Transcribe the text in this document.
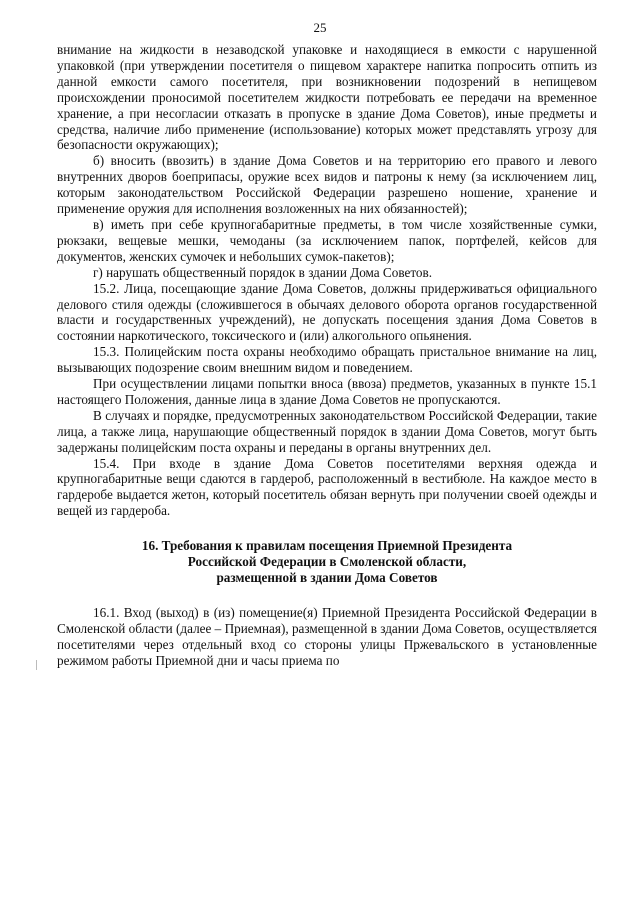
25

внимание на жидкости в незаводской упаковке и находящиеся в емкости с нарушенной упаковкой (при утверждении посетителя о пищевом характере напитка попросить отпить из данной емкости самого посетителя, при возникновении подозрений в непищевом происхождении проносимой посетителем жидкости потребовать ее передачи на временное хранение, а при несогласии отказать в пропуске в здание Дома Советов), иные предметы и средства, наличие либо применение (использование) которых может представлять угрозу для безопасности окружающих);

б) вносить (ввозить) в здание Дома Советов и на территорию его правого и левого внутренних дворов боеприпасы, оружие всех видов и патроны к нему (за исключением лиц, которым законодательством Российской Федерации разрешено ношение, хранение и применение оружия для исполнения возложенных на них обязанностей);

в) иметь при себе крупногабаритные предметы, в том числе хозяйственные сумки, рюкзаки, вещевые мешки, чемоданы (за исключением папок, портфелей, кейсов для документов, женских сумочек и небольших сумок-пакетов);

г) нарушать общественный порядок в здании Дома Советов.

15.2. Лица, посещающие здание Дома Советов, должны придерживаться официального делового стиля одежды (сложившегося в обычаях делового оборота органов государственной власти и государственных учреждений), не допускать посещения здания Дома Советов в состоянии наркотического, токсического и (или) алкогольного опьянения.

15.3. Полицейским поста охраны необходимо обращать пристальное внимание на лиц, вызывающих подозрение своим внешним видом и поведением.

При осуществлении лицами попытки вноса (ввоза) предметов, указанных в пункте 15.1 настоящего Положения, данные лица в здание Дома Советов не пропускаются.

В случаях и порядке, предусмотренных законодательством Российской Федерации, такие лица, а также лица, нарушающие общественный порядок в здании Дома Советов, могут быть задержаны полицейским поста охраны и переданы в органы внутренних дел.

15.4. При входе в здание Дома Советов посетителями верхняя одежда и крупногабаритные вещи сдаются в гардероб, расположенный в вестибюле. На каждое место в гардеробе выдается жетон, который посетитель обязан вернуть при получении своей одежды и вещей из гардероба.

16. Требования к правилам посещения Приемной Президента
Российской Федерации в Смоленской области,
размещенной в здании Дома Советов

16.1. Вход (выход) в (из) помещение(я) Приемной Президента Российской Федерации в Смоленской области (далее – Приемная), размещенной в здании Дома Советов, осуществляется посетителями через отдельный вход со стороны улицы Пржевальского в установленные режимом работы Приемной дни и часы приема по
